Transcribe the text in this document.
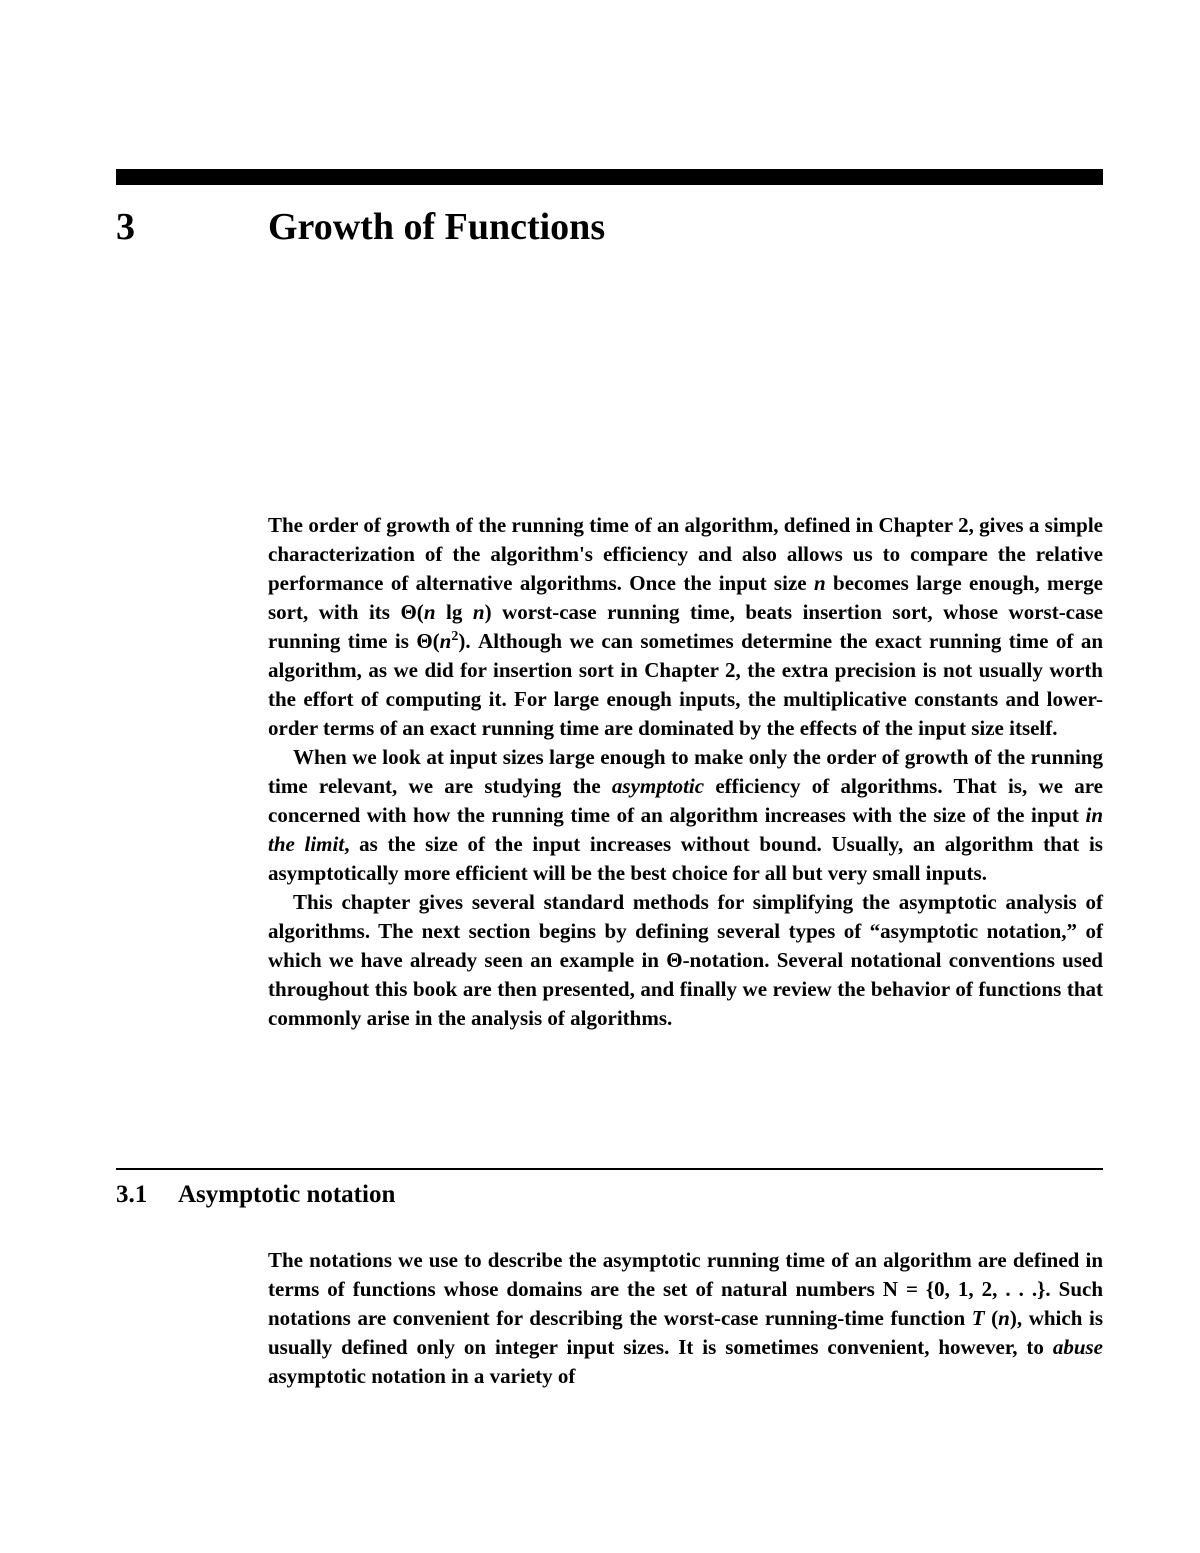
3	Growth of Functions

The order of growth of the running time of an algorithm, defined in Chapter 2, gives a simple characterization of the algorithm's efficiency and also allows us to compare the relative performance of alternative algorithms. Once the input size n becomes large enough, merge sort, with its Θ(n lg n) worst-case running time, beats insertion sort, whose worst-case running time is $\Theta(n^2)$. Although we can sometimes determine the exact running time of an algorithm, as we did for insertion sort in Chapter 2, the extra precision is not usually worth the effort of computing it. For large enough inputs, the multiplicative constants and lower-order terms of an exact running time are dominated by the effects of the input size itself.

When we look at input sizes large enough to make only the order of growth of the running time relevant, we are studying the asymptotic efficiency of algorithms. That is, we are concerned with how the running time of an algorithm increases with the size of the input in the limit, as the size of the input increases without bound. Usually, an algorithm that is asymptotically more efficient will be the best choice for all but very small inputs.

This chapter gives several standard methods for simplifying the asymptotic analysis of algorithms. The next section begins by defining several types of “asymptotic notation,” of which we have already seen an example in Θ-notation. Several notational conventions used throughout this book are then presented, and finally we review the behavior of functions that commonly arise in the analysis of algorithms.

3.1 Asymptotic notation

The notations we use to describe the asymptotic running time of an algorithm are defined in terms of functions whose domains are the set of natural numbers N = {0, 1, 2, . . .}. Such notations are convenient for describing the worst-case running-time function T (n), which is usually defined only on integer input sizes. It is sometimes convenient, however, to abuse asymptotic notation in a variety of
